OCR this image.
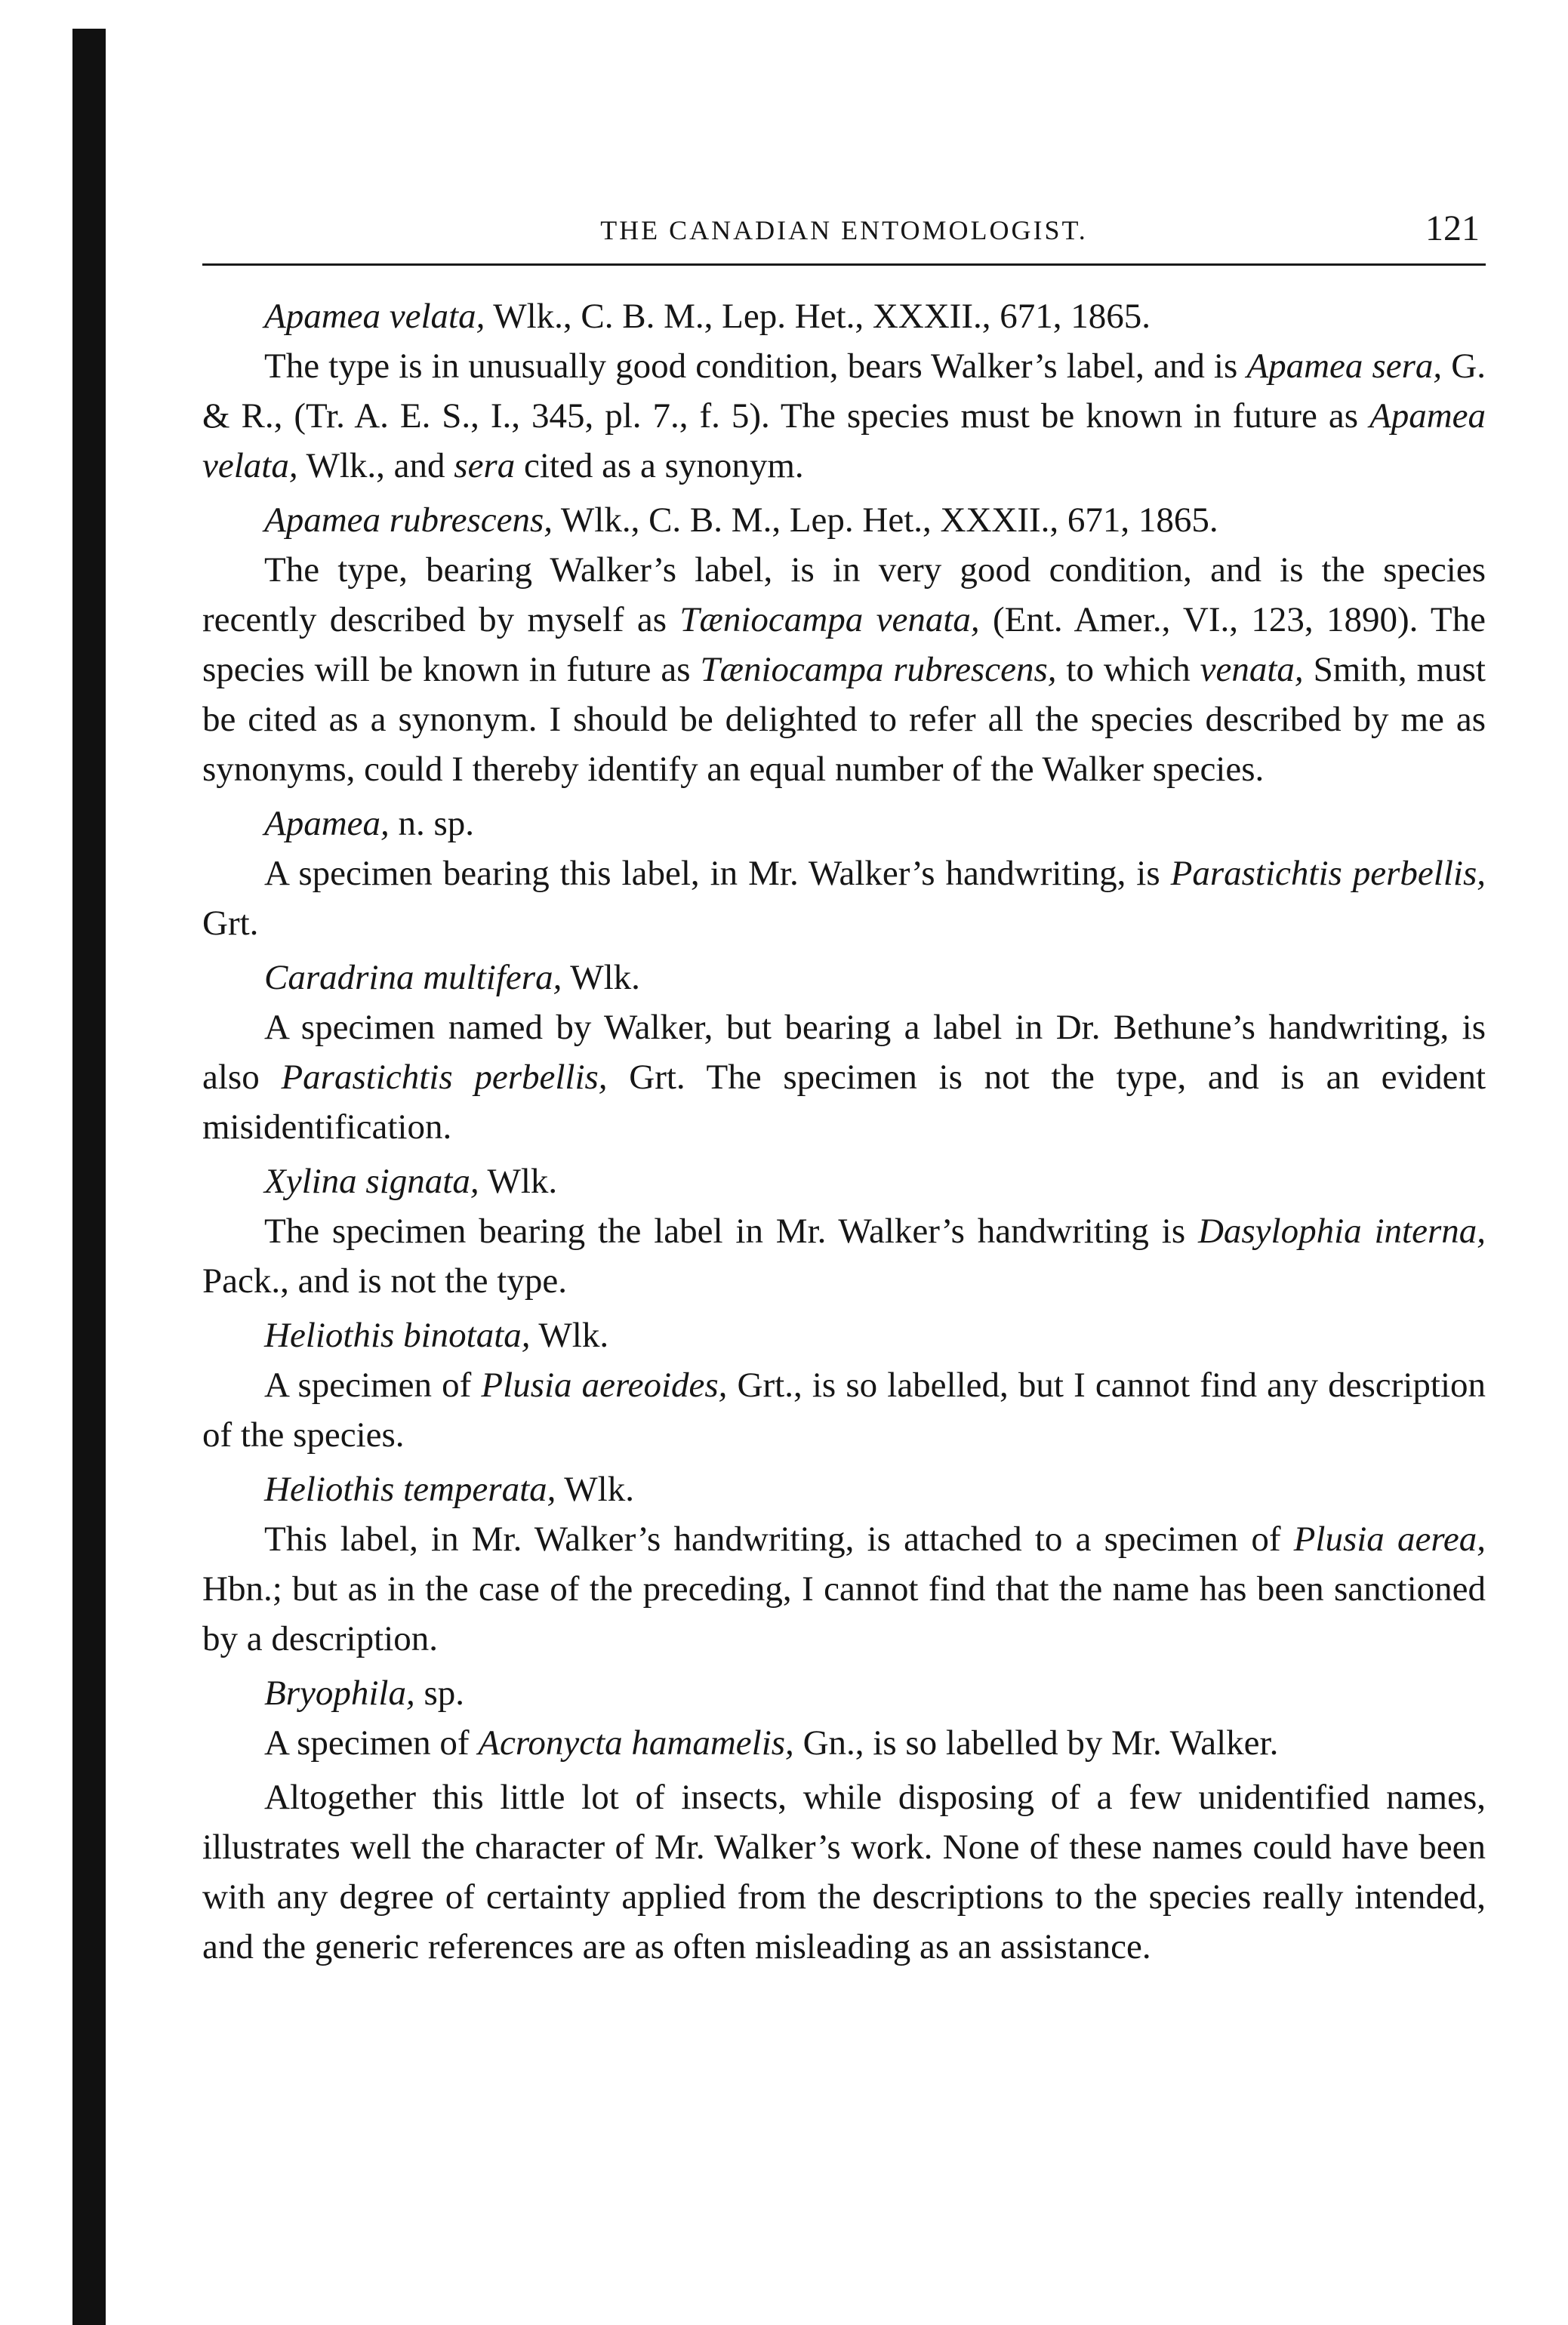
THE CANADIAN ENTOMOLOGIST.	121
Apamea velata, Wlk., C. B. M., Lep. Het., XXXII., 671, 1865.

The type is in unusually good condition, bears Walker’s label, and is Apamea sera, G. & R., (Tr. A. E. S., I., 345, pl. 7., f. 5). The species must be known in future as Apamea velata, Wlk., and sera cited as a synonym.

Apamea rubrescens, Wlk., C. B. M., Lep. Het., XXXII., 671, 1865.

The type, bearing Walker’s label, is in very good condition, and is the species recently described by myself as Tæniocampa venata, (Ent. Amer., VI., 123, 1890). The species will be known in future as Tæniocampa rubrescens, to which venata, Smith, must be cited as a synonym. I should be delighted to refer all the species described by me as synonyms, could I thereby identify an equal number of the Walker species.

Apamea, n. sp.

A specimen bearing this label, in Mr. Walker’s handwriting, is Parastichtis perbellis, Grt.

Caradrina multifera, Wlk.

A specimen named by Walker, but bearing a label in Dr. Bethune’s handwriting, is also Parastichtis perbellis, Grt. The specimen is not the type, and is an evident misidentification.

Xylina signata, Wlk.

The specimen bearing the label in Mr. Walker’s handwriting is Dasylophia interna, Pack., and is not the type.

Heliothis binotata, Wlk.

A specimen of Plusia aereoides, Grt., is so labelled, but I cannot find any description of the species.

Heliothis temperata, Wlk.

This label, in Mr. Walker’s handwriting, is attached to a specimen of Plusia aerea, Hbn.; but as in the case of the preceding, I cannot find that the name has been sanctioned by a description.

Bryophila, sp.

A specimen of Acronycta hamamelis, Gn., is so labelled by Mr. Walker.

Altogether this little lot of insects, while disposing of a few unidentified names, illustrates well the character of Mr. Walker’s work. None of these names could have been with any degree of certainty applied from the descriptions to the species really intended, and the generic references are as often misleading as an assistance.
